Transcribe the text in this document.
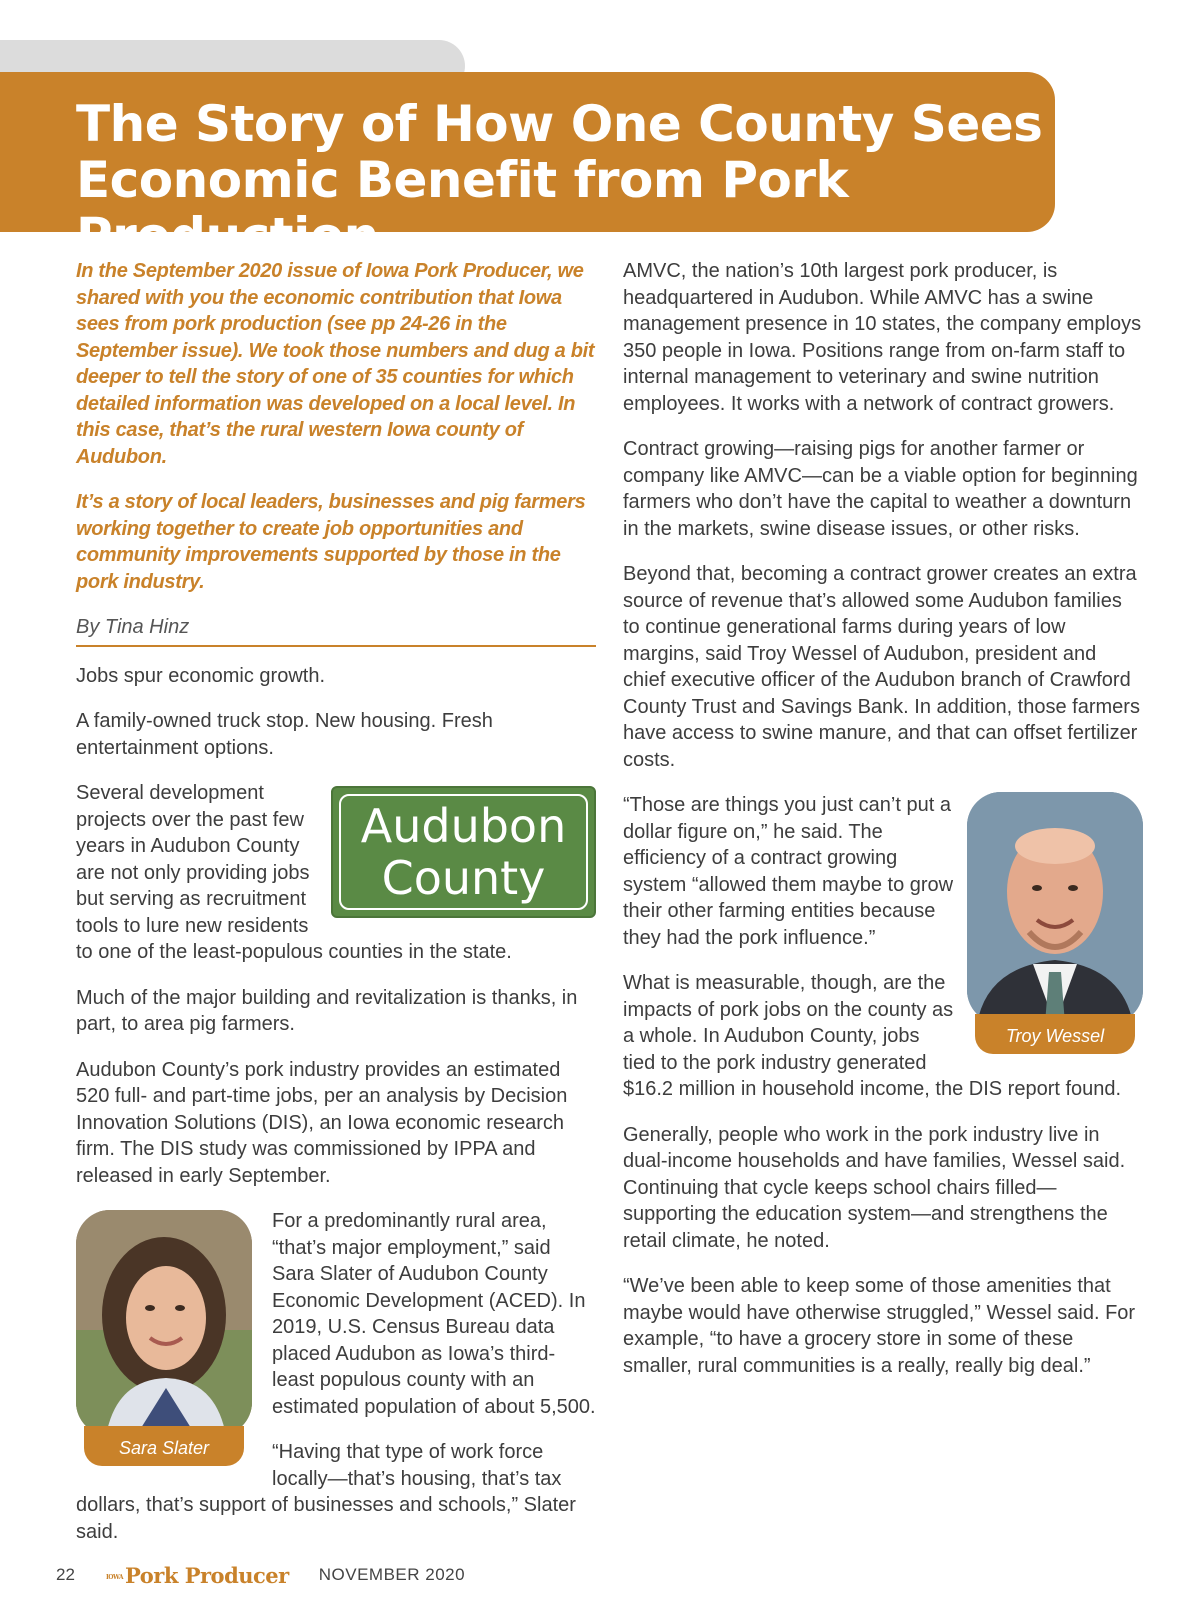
The Story of How One County Sees Economic Benefit from Pork Production

In the September 2020 issue of Iowa Pork Producer, we shared with you the economic contribution that Iowa sees from pork production (see pp 24-26 in the September issue). We took those numbers and dug a bit deeper to tell the story of one of 35 counties for which detailed information was developed on a local level. In this case, that’s the rural western Iowa county of Audubon.

It’s a story of local leaders, businesses and pig farmers working together to create job opportunities and community improvements supported by those in the pork industry.

By Tina Hinz

Jobs spur economic growth.

A family-owned truck stop. New housing. Fresh entertainment options.

Audubon
County

Several development projects over the past few years in Audubon County are not only providing jobs but serving as recruitment tools to lure new residents to one of the least-populous counties in the state.

Much of the major building and revitalization is thanks, in part, to area pig farmers.

Audubon County’s pork industry provides an estimated 520 full- and part-time jobs, per an analysis by Decision Innovation Solutions (DIS), an Iowa economic research firm. The DIS study was commissioned by IPPA and released in early September.

Sara Slater

For a predominantly rural area, “that’s major employment,” said Sara Slater of Audubon County Economic Development (ACED). In 2019, U.S. Census Bureau data placed Audubon as Iowa’s third-least populous county with an estimated population of about 5,500.

“Having that type of work force locally—that’s housing, that’s tax dollars, that’s support of businesses and schools,” Slater said.

AMVC, the nation’s 10th largest pork producer, is headquartered in Audubon. While AMVC has a swine management presence in 10 states, the company employs 350 people in Iowa. Positions range from on-farm staff to internal management to veterinary and swine nutrition employees. It works with a network of contract growers.

Contract growing—raising pigs for another farmer or company like AMVC—can be a viable option for beginning farmers who don’t have the capital to weather a downturn in the markets, swine disease issues, or other risks.

Beyond that, becoming a contract grower creates an extra source of revenue that’s allowed some Audubon families to continue generational farms during years of low margins, said Troy Wessel of Audubon, president and chief executive officer of the Audubon branch of Crawford County Trust and Savings Bank. In addition, those farmers have access to swine manure, and that can offset fertilizer costs.

Troy Wessel

“Those are things you just can’t put a dollar figure on,” he said. The efficiency of a contract growing system “allowed them maybe to grow their other farming entities because they had the pork influence.”

What is measurable, though, are the impacts of pork jobs on the county as a whole. In Audubon County, jobs tied to the pork industry generated $16.2 million in household income, the DIS report found.

Generally, people who work in the pork industry live in dual-income households and have families, Wessel said. Continuing that cycle keeps school chairs filled—supporting the education system—and strengthens the retail climate, he noted.

“We’ve been able to keep some of those amenities that maybe would have otherwise struggled,” Wessel said. For example, “to have a grocery store in some of these smaller, rural communities is a really, really big deal.”

22	IOWAPork Producer NOVEMBER 2020
